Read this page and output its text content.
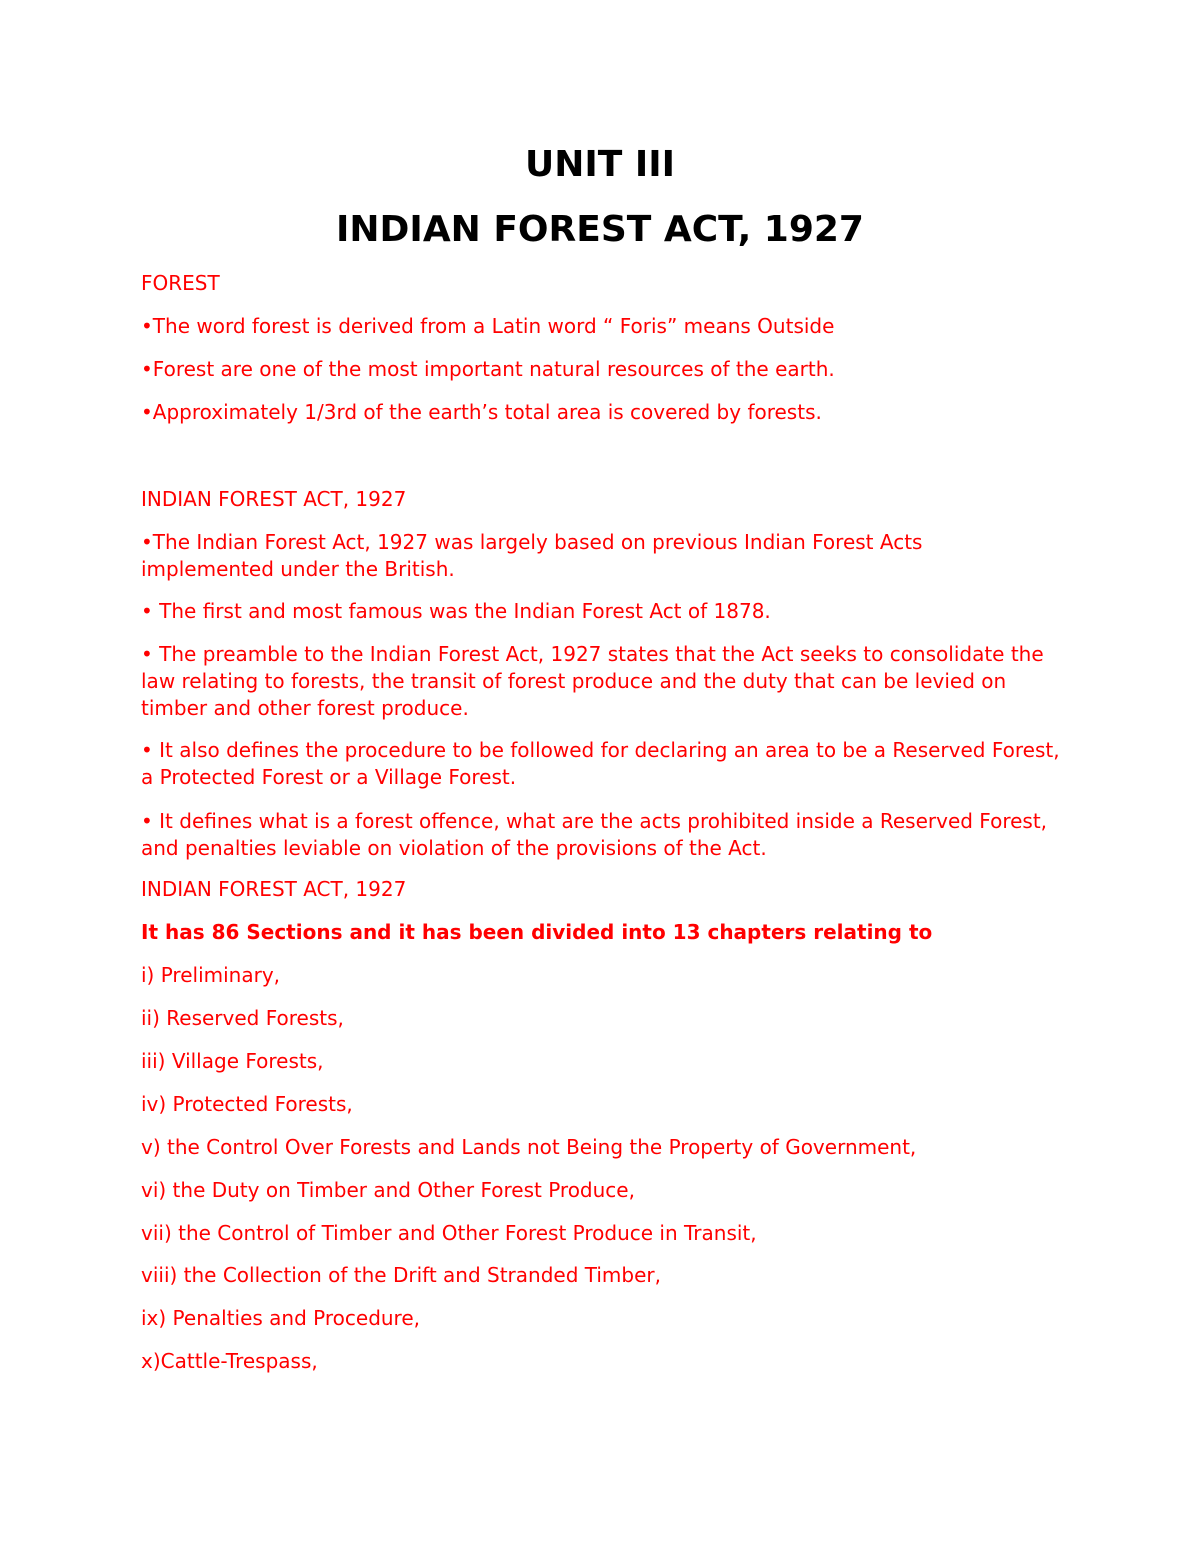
UNIT III
INDIAN FOREST ACT, 1927

FOREST

•The word forest is derived from a Latin word “ Foris” means Outside

•Forest are one of the most important natural resources of the earth.

•Approximately 1/3rd of the earth’s total area is covered by forests.

INDIAN FOREST ACT, 1927

•The Indian Forest Act, 1927 was largely based on previous Indian Forest Acts implemented under the British.

• The first and most famous was the Indian Forest Act of 1878.

• The preamble to the Indian Forest Act, 1927 states that the Act seeks to consolidate the law relating to forests, the transit of forest produce and the duty that can be levied on timber and other forest produce.

• It also defines the procedure to be followed for declaring an area to be a Reserved Forest, a Protected Forest or a Village Forest.

• It defines what is a forest offence, what are the acts prohibited inside a Reserved Forest, and penalties leviable on violation of the provisions of the Act.

INDIAN FOREST ACT, 1927

It has 86 Sections and it has been divided into 13 chapters relating to

i) Preliminary,

ii) Reserved Forests,

iii) Village Forests,

iv) Protected Forests,

v) the Control Over Forests and Lands not Being the Property of Government,

vi) the Duty on Timber and Other Forest Produce,

vii) the Control of Timber and Other Forest Produce in Transit,

viii) the Collection of the Drift and Stranded Timber,

ix) Penalties and Procedure,

x)Cattle-Trespass,
